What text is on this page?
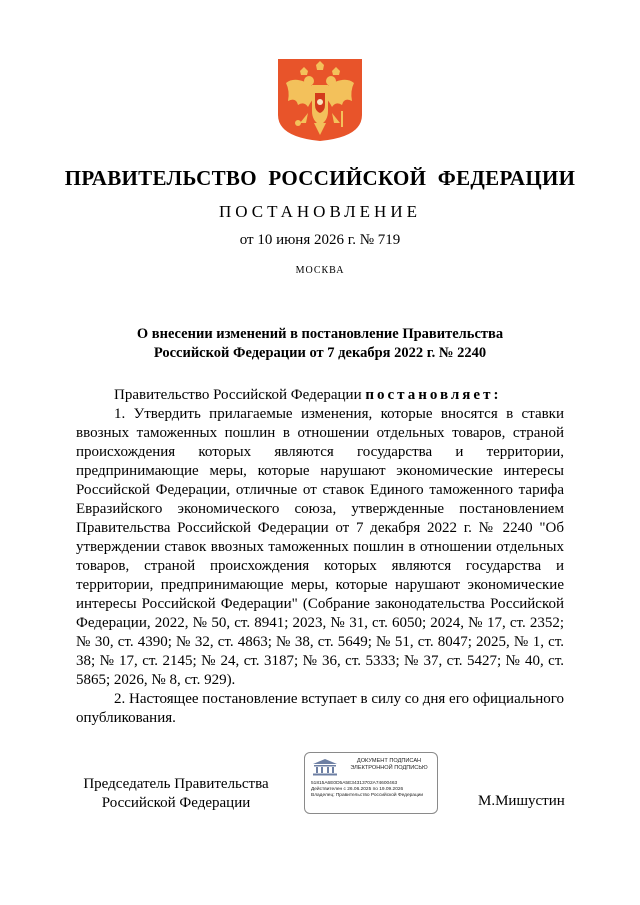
ПРАВИТЕЛЬСТВО РОССИЙСКОЙ ФЕДЕРАЦИИ
ПОСТАНОВЛЕНИЕ
от 10 июня 2026 г. № 719
МОСКВА
О внесении изменений в постановление Правительства
Российской Федерации от 7 декабря 2022 г. № 2240

Правительство Российской Федерации постановляет:

1. Утвердить прилагаемые изменения, которые вносятся в ставки ввозных таможенных пошлин в отношении отдельных товаров, страной происхождения которых являются государства и территории, предпринимающие меры, которые нарушают экономические интересы Российской Федерации, отличные от ставок Единого таможенного тарифа Евразийского экономического союза, утвержденные постановлением Правительства Российской Федерации от 7 декабря 2022 г. № 2240 "Об утверждении ставок ввозных таможенных пошлин в отношении отдельных товаров, страной происхождения которых являются государства и территории, предпринимающие меры, которые нарушают экономические интересы Российской Федерации" (Собрание законодательства Российской Федерации, 2022, № 50, ст. 8941; 2023, № 31, ст. 6050; 2024, № 17, ст. 2352; № 30, ст. 4390; № 32, ст. 4863; № 38, ст. 5649; № 51, ст. 8047; 2025, № 1, ст. 38; № 17, ст. 2145; № 24, ст. 3187; № 36, ст. 5333; № 37, ст. 5427; № 40, ст. 5865; 2026, № 8, ст. 929).

2. Настоящее постановление вступает в силу со дня его официального опубликования.

Председатель Правительства
Российской Федерации
ДОКУМЕНТ ПОДПИСАН
ЭЛЕКТРОННОЙ ПОДПИСЬЮ
51815A6E0D5A5E34313702A74600463
Действителен с 26.06.2025 по 19.09.2026
Владелец: Правительство Российской Федерации	М.Мишустин
